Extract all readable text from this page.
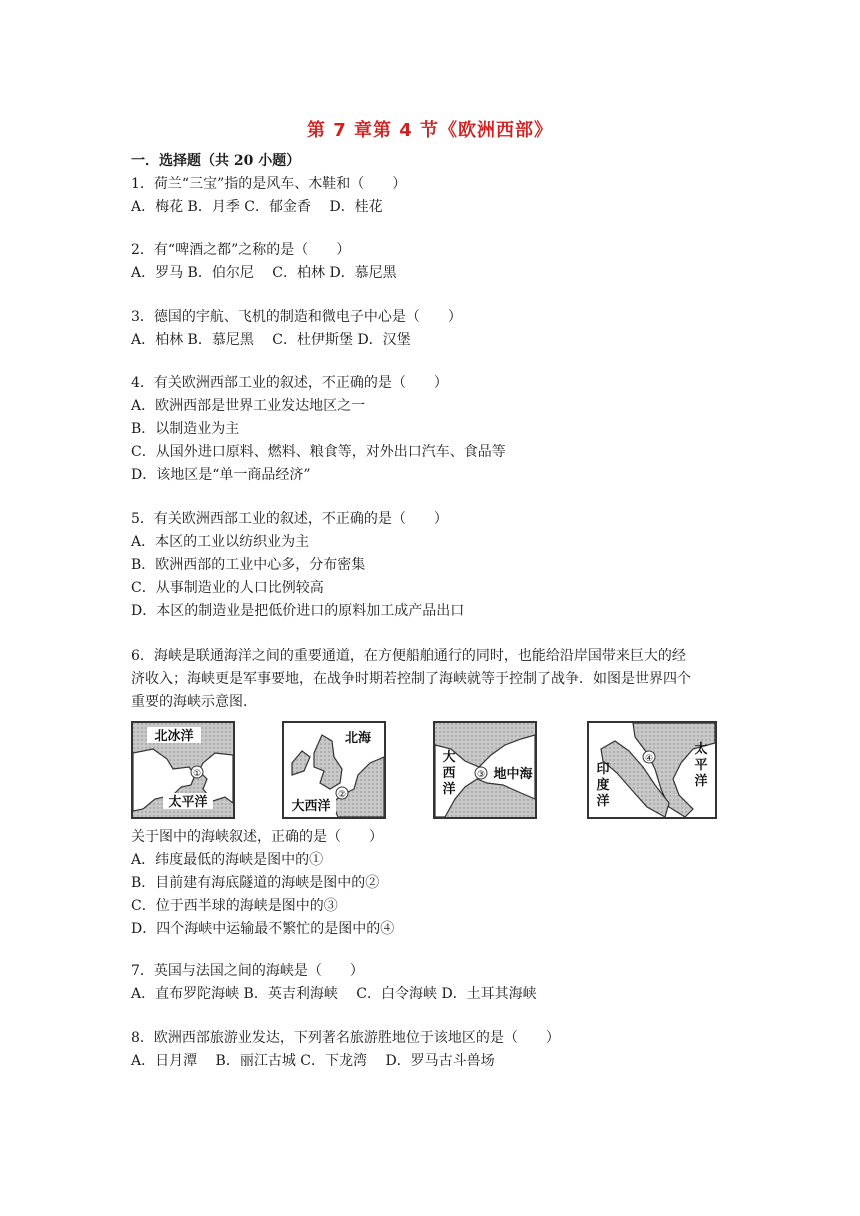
第 7 章第 4 节《欧洲西部》
一．选择题（共 20 小题）
1．荷兰“三宝”指的是风车、木鞋和（　　）
A．梅花 B．月季 C．郁金香　 D．桂花
2．有“啤酒之都”之称的是（　　）
A．罗马 B．伯尔尼　 C．柏林 D．慕尼黑
3．德国的宇航、飞机的制造和微电子中心是（　　）
A．柏林 B．慕尼黑　 C．杜伊斯堡 D．汉堡
4．有关欧洲西部工业的叙述，不正确的是（　　）
A．欧洲西部是世界工业发达地区之一
B．以制造业为主
C．从国外进口原料、燃料、粮食等，对外出口汽车、食品等
D．该地区是“单一商品经济”
5．有关欧洲西部工业的叙述，不正确的是（　　）
A．本区的工业以纺织业为主
B．欧洲西部的工业中心多，分布密集
C．从事制造业的人口比例较高
D．本区的制造业是把低价进口的原料加工成产品出口
6．海峡是联通海洋之间的重要通道，在方便船舶通行的同时，也能给沿岸国带来巨大的经
济收入；海峡更是军事要地，在战争时期若控制了海峡就等于控制了战争．如图是世界四个
重要的海峡示意图．
①
北冰洋
太平洋	②
北海
大西洋
③
大
西
洋
地中海
④
印
度
洋
太
平
洋
关于图中的海峡叙述，正确的是（　　）
A．纬度最低的海峡是图中的①
B．目前建有海底隧道的海峡是图中的②
C．位于西半球的海峡是图中的③
D．四个海峡中运输最不繁忙的是图中的④
7．英国与法国之间的海峡是（　　）
A．直布罗陀海峡 B．英吉利海峡　 C．白令海峡 D．土耳其海峡
8．欧洲西部旅游业发达，下列著名旅游胜地位于该地区的是（　　）
A．日月潭　 B．丽江古城 C．下龙湾　 D．罗马古斗兽场
